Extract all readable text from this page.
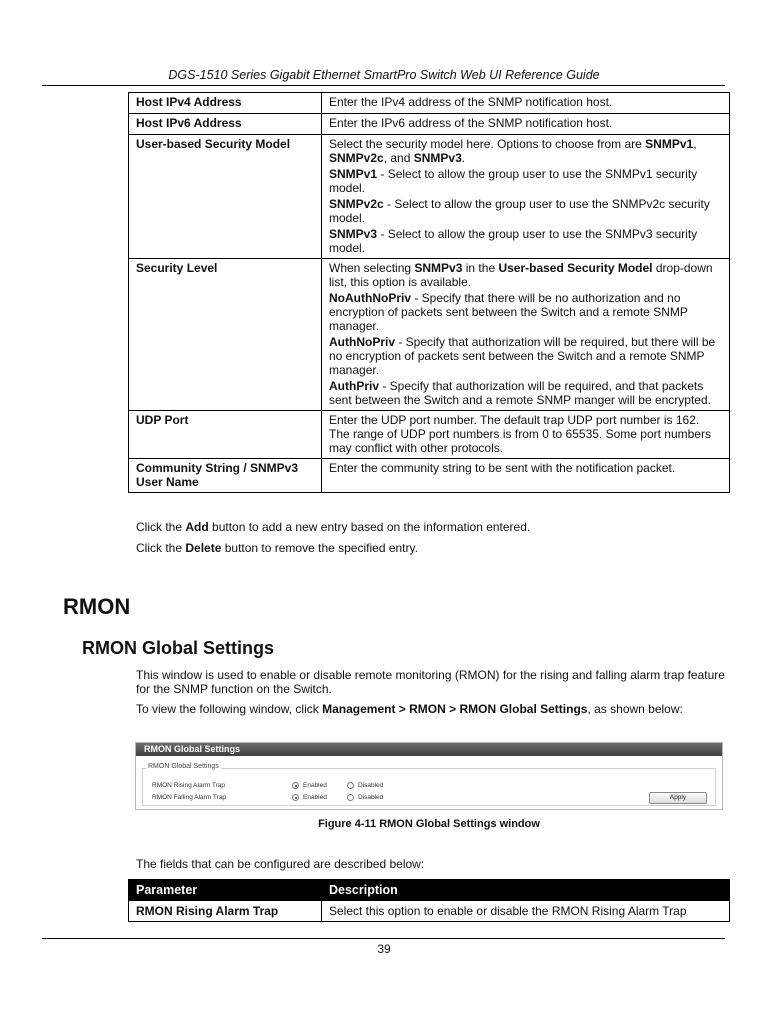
DGS-1510 Series Gigabit Ethernet SmartPro Switch Web UI Reference Guide
Host IPv4 Address	Enter the IPv4 address of the SNMP notification host.
Host IPv6 Address	Enter the IPv6 address of the SNMP notification host.
User-based Security Model	Select the security model here. Options to choose from are SNMPv1, SNMPv2c, and SNMPv3.

SNMPv1 - Select to allow the group user to use the SNMPv1 security model.

SNMPv2c - Select to allow the group user to use the SNMPv2c security model.

SNMPv3 - Select to allow the group user to use the SNMPv3 security model.

Security Level	When selecting SNMPv3 in the User-based Security Model drop-down list, this option is available.

NoAuthNoPriv - Specify that there will be no authorization and no encryption of packets sent between the Switch and a remote SNMP manager.

AuthNoPriv - Specify that authorization will be required, but there will be no encryption of packets sent between the Switch and a remote SNMP manager.

AuthPriv - Specify that authorization will be required, and that packets sent between the Switch and a remote SNMP manger will be encrypted.

UDP Port	Enter the UDP port number. The default trap UDP port number is 162. The range of UDP port numbers is from 0 to 65535. Some port numbers may conflict with other protocols.
Community String / SNMPv3 User Name	Enter the community string to be sent with the notification packet.
Click the Add button to add a new entry based on the information entered.
Click the Delete button to remove the specified entry.
RMON
RMON Global Settings
This window is used to enable or disable remote monitoring (RMON) for the rising and falling alarm trap feature for the SNMP function on the Switch.
To view the following window, click Management > RMON > RMON Global Settings, as shown below:
RMON Global Settings
RMON Global Settings
RMON Rising Alarm Trap	Enabled	Disabled
RMON Falling Alarm Trap	Enabled	Disabled	Apply
Figure 4-11 RMON Global Settings window
The fields that can be configured are described below:
Parameter	Description
RMON Rising Alarm Trap	Select this option to enable or disable the RMON Rising Alarm Trap
39
